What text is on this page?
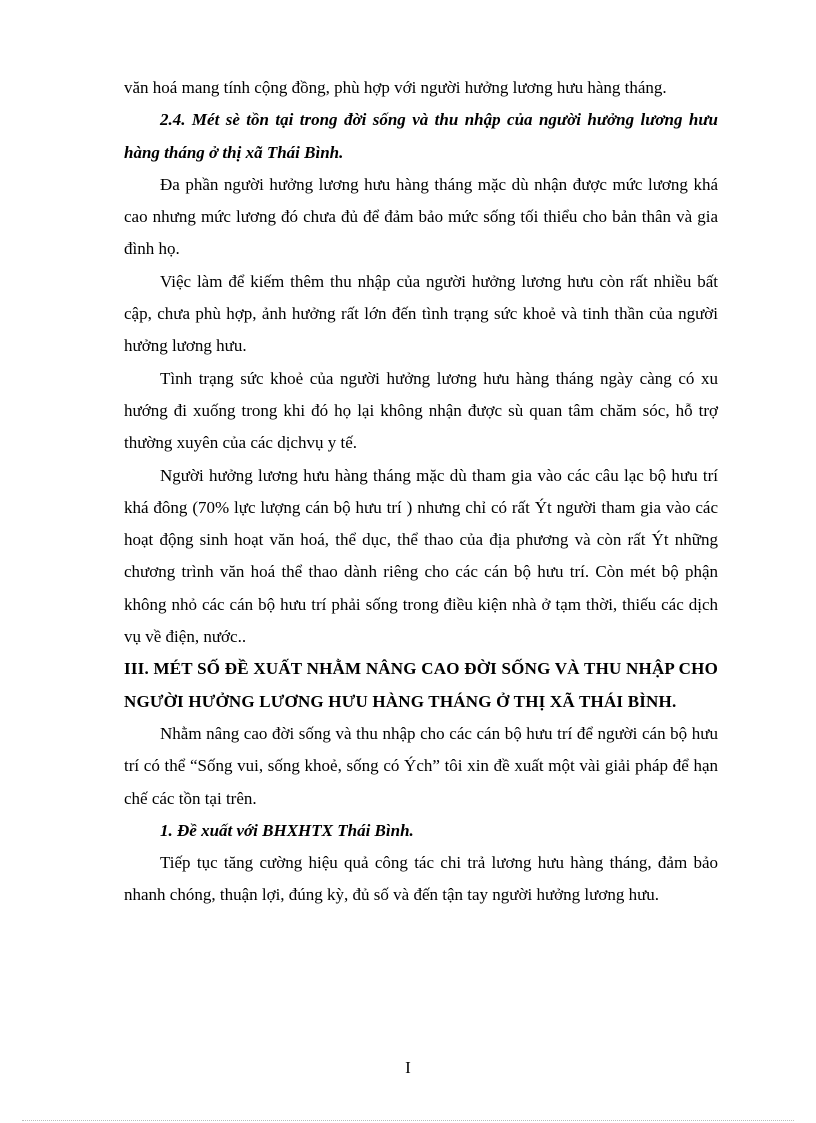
văn hoá mang tính cộng đồng, phù hợp với người hưởng lương hưu hàng tháng.

2.4. Mét sè tồn tại trong đời sống và thu nhập của người hưởng lương hưu hàng tháng ở thị xã Thái Bình.

Đa phần người hưởng lương hưu hàng tháng mặc dù nhận được mức lương khá cao nhưng mức lương đó chưa đủ để đảm bảo mức sống tối thiểu cho bản thân và gia đình họ.

Việc làm để kiếm thêm thu nhập của người hưởng lương hưu còn rất nhiều bất cập, chưa phù hợp, ảnh hưởng rất lớn đến tình trạng sức khoẻ và tinh thần của người hưởng lương hưu.

Tình trạng sức khoẻ của người hưởng lương hưu hàng tháng ngày càng có xu hướng đi xuống trong khi đó họ lại không nhận được sù quan tâm chăm sóc, hỗ trợ thường xuyên của các dịchvụ y tế.

Người hưởng lương hưu hàng tháng mặc dù tham gia vào các câu lạc bộ hưu trí khá đông (70% lực lượng cán bộ hưu trí ) nhưng chỉ có rất Ýt người tham gia vào các hoạt động sinh hoạt văn hoá, thể dục, thể thao của địa phương và còn rất Ýt những chương trình văn hoá thể thao dành riêng cho các cán bộ hưu trí. Còn mét bộ phận không nhỏ các cán bộ hưu trí phải sống trong điều kiện nhà ở tạm thời, thiếu các dịch vụ về điện, nước..

III. MÉT SỐ ĐỀ XUẤT NHẰM NÂNG CAO ĐỜI SỐNG VÀ THU NHẬP CHO NGƯỜI HƯỞNG LƯƠNG HƯU HÀNG THÁNG Ở THỊ XÃ THÁI BÌNH.

Nhằm nâng cao đời sống và thu nhập cho các cán bộ hưu trí để người cán bộ hưu trí có thể “Sống vui, sống khoẻ, sống có Ých” tôi xin đề xuất một vài giải pháp để hạn chế các tồn tại trên.

1. Đề xuất với BHXHTX Thái Bình.

Tiếp tục tăng cường hiệu quả công tác chi trả lương hưu hàng tháng, đảm bảo nhanh chóng, thuận lợi, đúng kỳ, đủ số và đến tận tay người hưởng lương hưu.

I
